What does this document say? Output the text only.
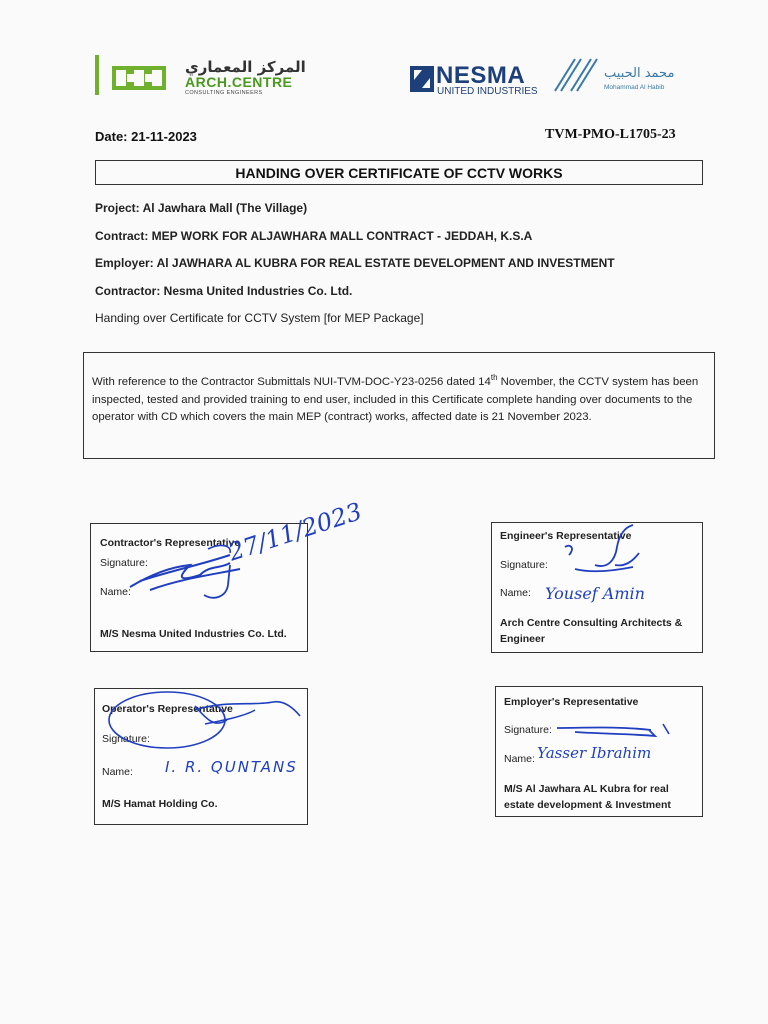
المركز المعماري
ARCH.CENTRE
CONSULTING ENGINEERS
NESMA
UNITED INDUSTRIES
محمد الحبيب
Mohammad Al Habib
Date: 21-11-2023	TVM-PMO-L1705-23
HANDING OVER CERTIFICATE OF CCTV WORKS
Project: Al Jawhara Mall (The Village)
Contract: MEP WORK FOR ALJAWHARA MALL CONTRACT - JEDDAH, K.S.A
Employer: Al JAWHARA AL KUBRA FOR REAL ESTATE DEVELOPMENT AND INVESTMENT
Contractor: Nesma United Industries Co. Ltd.
Handing over Certificate for CCTV System [for MEP Package]
With reference to the Contractor Submittals NUI-TVM-DOC-Y23-0256 dated 14th November, the CCTV system has been inspected, tested and provided training to end user, included in this Certificate complete handing over documents to the operator with CD which covers the main MEP (contract) works, affected date is 21 November 2023.
Contractor's Representative
Signature:
Name:
M/S Nesma United Industries Co. Ltd.
27/11/2023	Engineer's Representative
Signature:
Name:
Arch Centre Consulting Architects & Engineer
Yousef Amin
Operator's Representative
Signature:
Name:
M/S Hamat Holding Co.
I. R. QUNTANS
Employer's Representative
Signature:
Name:
M/S Al Jawhara AL Kubra for real estate development & Investment
Yasser Ibrahim
